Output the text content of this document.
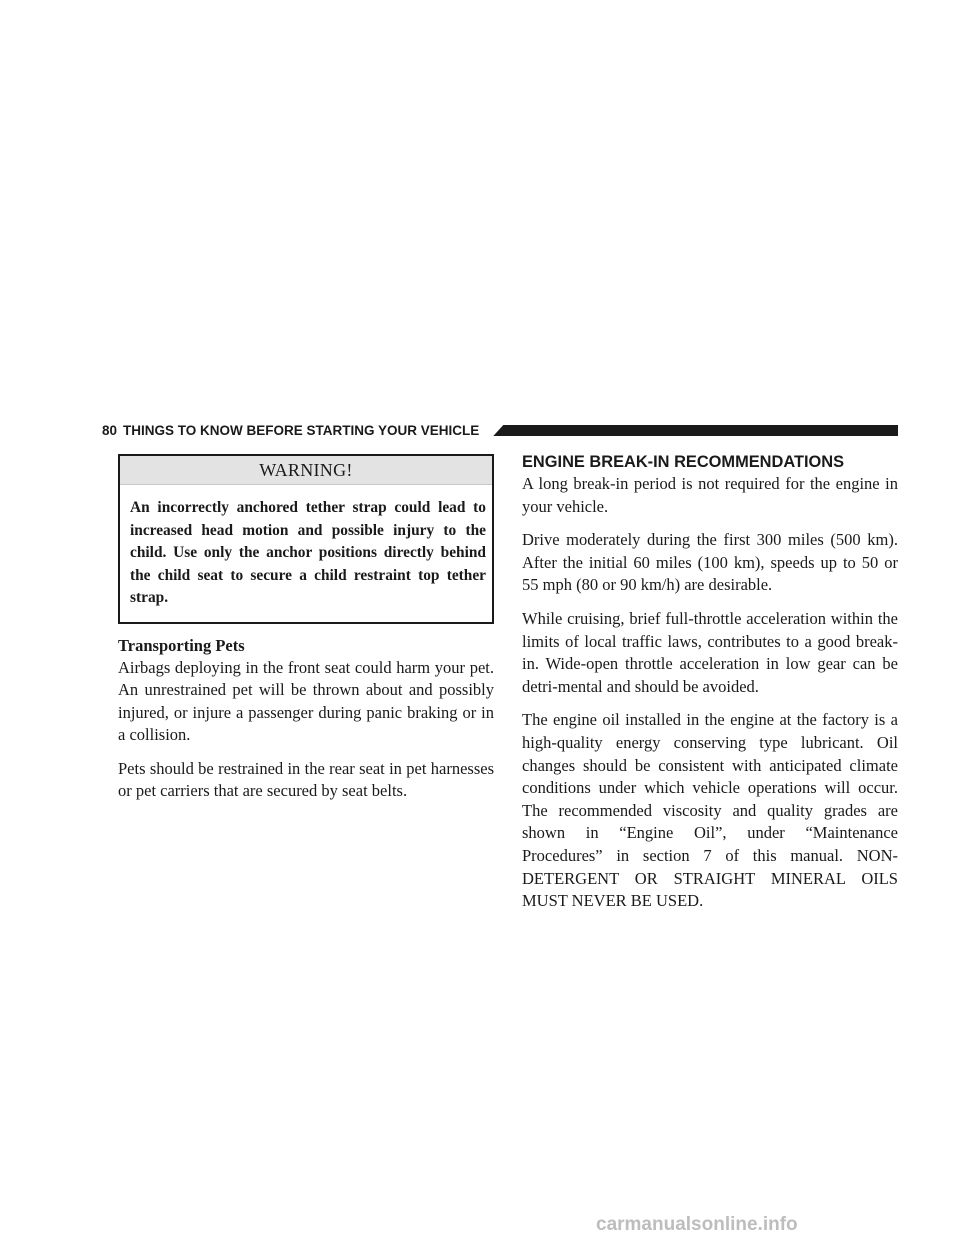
80 THINGS TO KNOW BEFORE STARTING YOUR VEHICLE
WARNING!
An incorrectly anchored tether strap could lead to increased head motion and possible injury to the child. Use only the anchor positions directly behind the child seat to secure a child restraint top tether strap.
Transporting Pets

Airbags deploying in the front seat could harm your pet. An unrestrained pet will be thrown about and possibly injured, or injure a passenger during panic braking or in a collision.

Pets should be restrained in the rear seat in pet harnesses or pet carriers that are secured by seat belts.

ENGINE BREAK-IN RECOMMENDATIONS

A long break-in period is not required for the engine in your vehicle.

Drive moderately during the first 300 miles (500 km). After the initial 60 miles (100 km), speeds up to 50 or 55 mph (80 or 90 km/h) are desirable.

While cruising, brief full-throttle acceleration within the limits of local traffic laws, contributes to a good break-in. Wide-open throttle acceleration in low gear can be detri-mental and should be avoided.

The engine oil installed in the engine at the factory is a high-quality energy conserving type lubricant. Oil changes should be consistent with anticipated climate conditions under which vehicle operations will occur. The recommended viscosity and quality grades are shown in “Engine Oil”, under “Maintenance Procedures” in section 7 of this manual. NON-DETERGENT OR STRAIGHT MINERAL OILS MUST NEVER BE USED.

carmanualsonline.info
